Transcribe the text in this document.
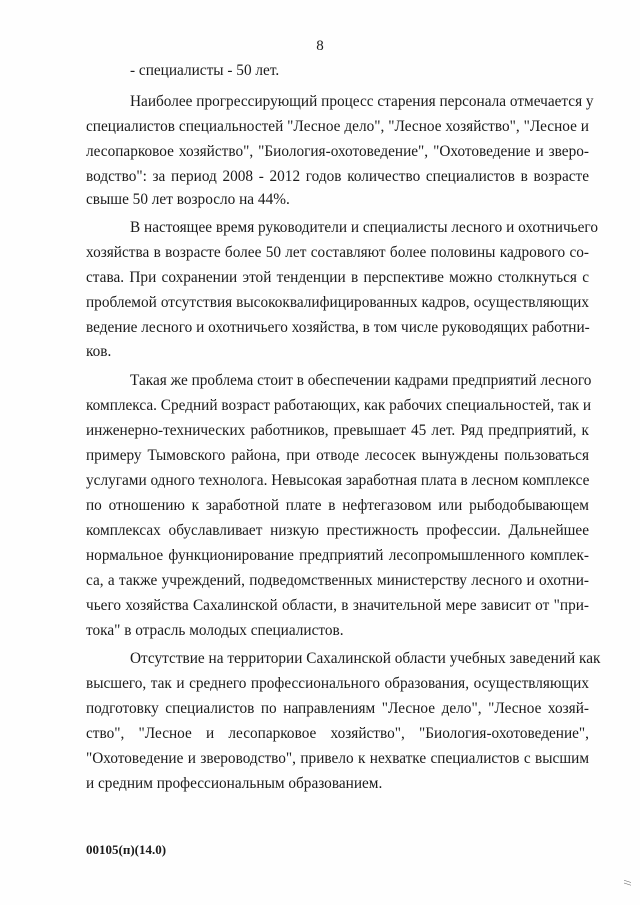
8
- специалисты - 50 лет.
Наиболее прогрессирующий процесс старения персонала отмечается у
специалистов специальностей "Лесное дело", "Лесное хозяйство", "Лесное и
лесопарковое хозяйство", "Биология-охотоведение", "Охотоведение и зверо-
водство": за период 2008 - 2012 годов количество специалистов в возрасте
свыше 50 лет возросло на 44%.
В настоящее время руководители и специалисты лесного и охотничьего
хозяйства в возрасте более 50 лет составляют более половины кадрового со-
става. При сохранении этой тенденции в перспективе можно столкнуться с
проблемой отсутствия высококвалифицированных кадров, осуществляющих
ведение лесного и охотничьего хозяйства, в том числе руководящих работни-
ков.
Такая же проблема стоит в обеспечении кадрами предприятий лесного
комплекса. Средний возраст работающих, как рабочих специальностей, так и
инженерно-технических работников, превышает 45 лет. Ряд предприятий, к
примеру Тымовского района, при отводе лесосек вынуждены пользоваться
услугами одного технолога. Невысокая заработная плата в лесном комплексе
по отношению к заработной плате в нефтегазовом или рыбодобывающем
комплексах обуславливает низкую престижность профессии. Дальнейшее
нормальное функционирование предприятий лесопромышленного комплек-
са, а также учреждений, подведомственных министерству лесного и охотни-
чьего хозяйства Сахалинской области, в значительной мере зависит от "при-
тока" в отрасль молодых специалистов.
Отсутствие на территории Сахалинской области учебных заведений как
высшего, так и среднего профессионального образования, осуществляющих
подготовку специалистов по направлениям "Лесное дело", "Лесное хозяй-
ство", "Лесное и лесопарковое хозяйство", "Биология-охотоведение",
"Охотоведение и звероводство", привело к нехватке специалистов с высшим
и средним профессиональным образованием.
00105(п)(14.0)
//
